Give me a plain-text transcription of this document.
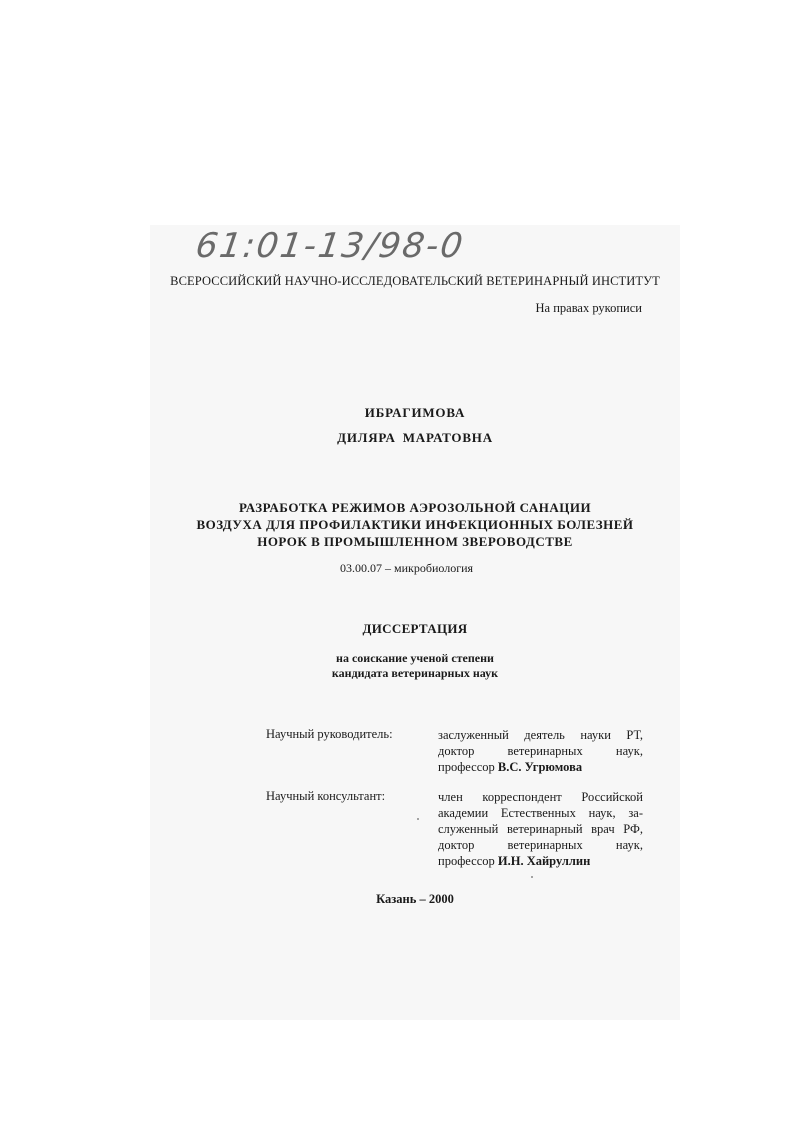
61:01-13/98-0
ВСЕРОССИЙСКИЙ НАУЧНО-ИССЛЕДОВАТЕЛЬСКИЙ ВЕТЕРИНАРНЫЙ ИНСТИТУТ
На правах рукописи
ИБРАГИМОВА
ДИЛЯРА МАРАТОВНА
РАЗРАБОТКА РЕЖИМОВ АЭРОЗОЛЬНОЙ САНАЦИИ
ВОЗДУХА ДЛЯ ПРОФИЛАКТИКИ ИНФЕКЦИОННЫХ БОЛЕЗНЕЙ
НОРОК В ПРОМЫШЛЕННОМ ЗВЕРОВОДСТВЕ
03.00.07 – микробиология
ДИССЕРТАЦИЯ
на соискание ученой степени
кандидата ветеринарных наук
Научный руководитель:	заслуженный деятель науки РТ,
доктор ветеринарных наук,
профессор В.С. Угрюмова
Научный консультант:	член корреспондент Российской
академии Естественных наук, за-
служенный ветеринарный врач РФ,
доктор ветеринарных наук,
профессор И.Н. Хайруллин
Казань – 2000
